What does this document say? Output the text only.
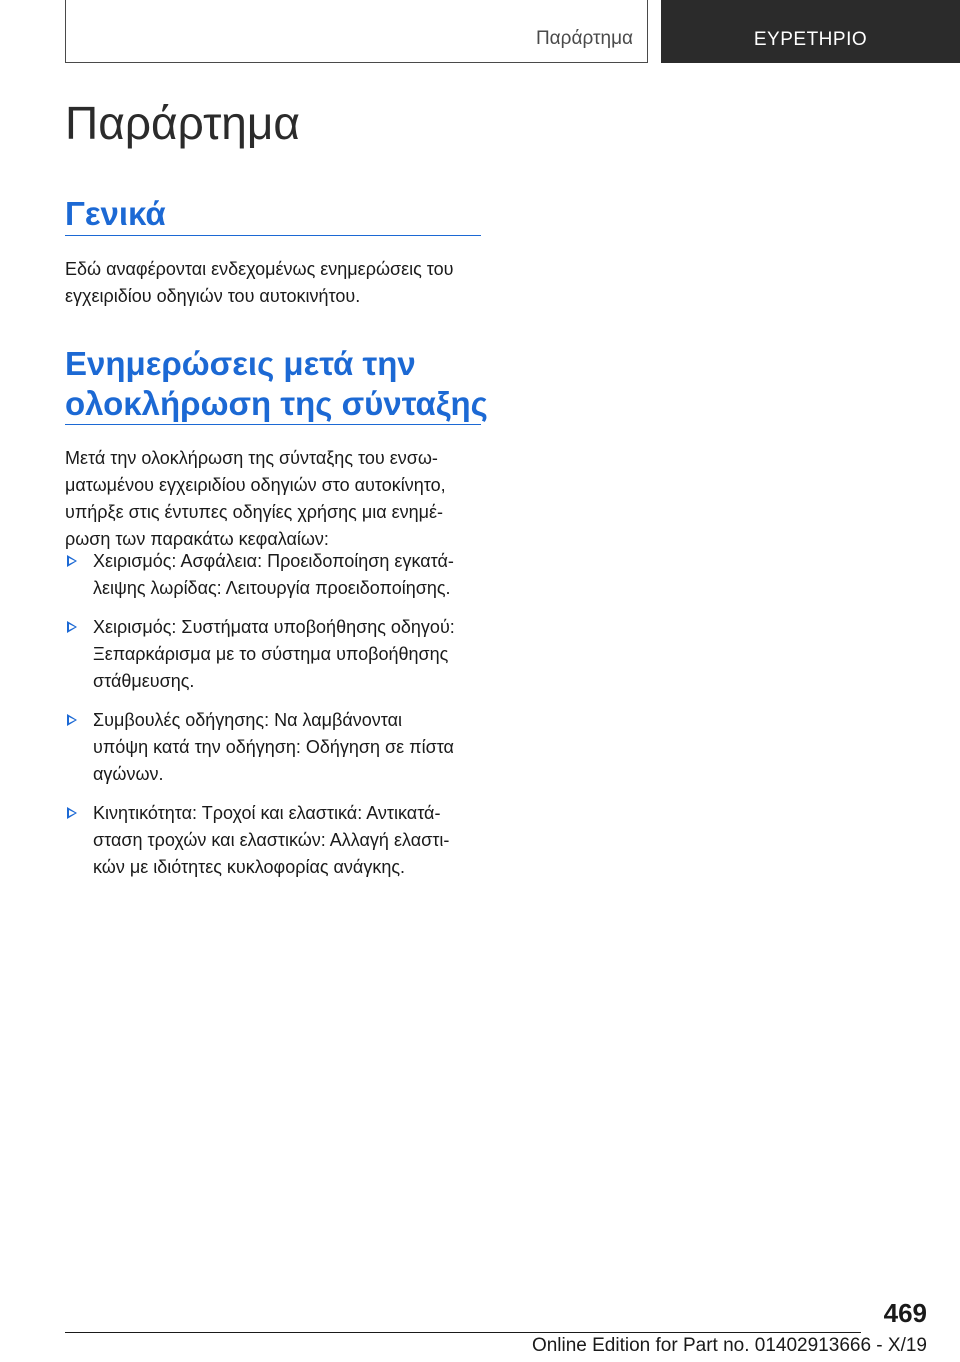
Παράρτημα	ΕΥΡΕΤΗΡΙΟ
Παράρτημα
Γενικά

Εδώ αναφέρονται ενδεχομένως ενημερώσεις του
εγχειριδίου οδηγιών του αυτοκινήτου.

Ενημερώσεις μετά την
ολοκλήρωση της σύνταξης

Μετά την ολοκλήρωση της σύνταξης του ενσω-
ματωμένου εγχειριδίου οδηγιών στο αυτοκίνητο,
υπήρξε στις έντυπες οδηγίες χρήσης μια ενημέ-
ρωση των παρακάτω κεφαλαίων:

Χειρισμός: Ασφάλεια: Προειδοποίηση εγκατά-
λειψης λωρίδας: Λειτουργία προειδοποίησης.
Χειρισμός: Συστήματα υποβοήθησης οδηγού:
Ξεπαρκάρισμα με το σύστημα υποβοήθησης
στάθμευσης.
Συμβουλές οδήγησης: Να λαμβάνονται
υπόψη κατά την οδήγηση: Οδήγηση σε πίστα
αγώνων.
Κινητικότητα: Τροχοί και ελαστικά: Αντικατά-
σταση τροχών και ελαστικών: Αλλαγή ελαστι-
κών με ιδιότητες κυκλοφορίας ανάγκης.
469
Online Edition for Part no. 01402913666 - X/19
